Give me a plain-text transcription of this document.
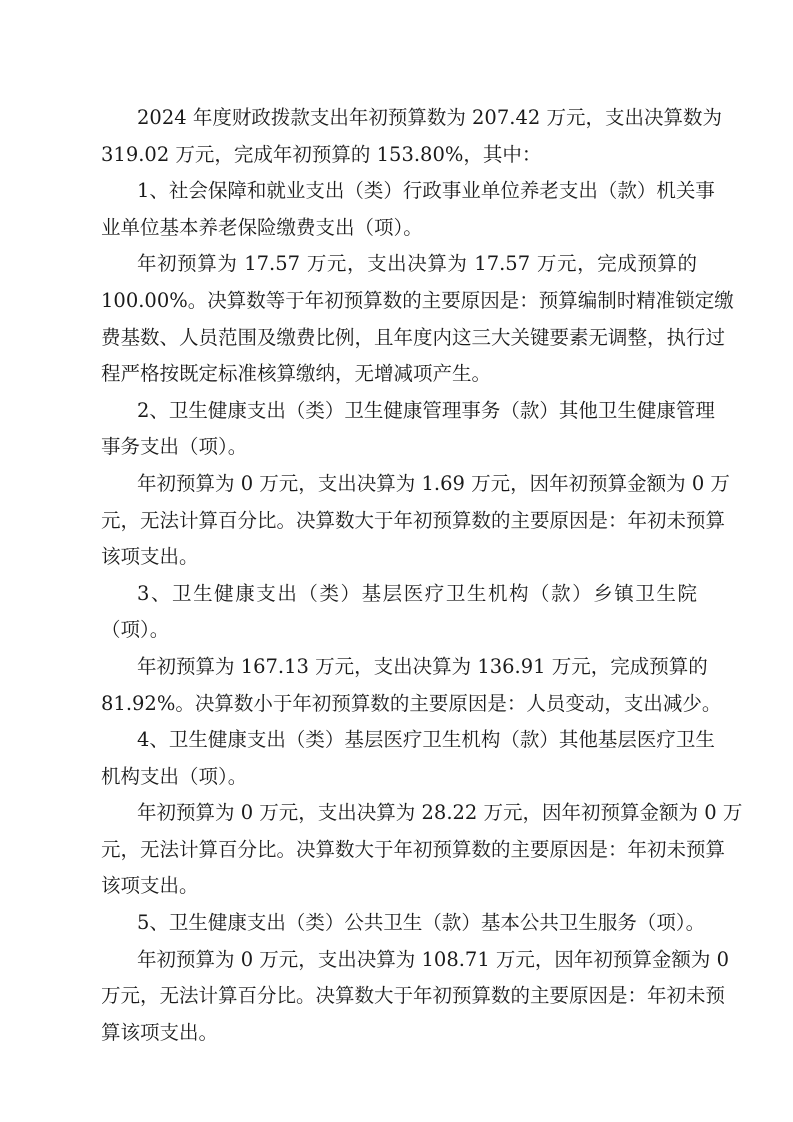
2024 年度财政拨款支出年初预算数为 207.42 万元，支出决算数为
319.02 万元，完成年初预算的 153.80%，其中：
1、社会保障和就业支出（类）行政事业单位养老支出（款）机关事
业单位基本养老保险缴费支出（项）。
年初预算为 17.57 万元，支出决算为 17.57 万元，完成预算的
100.00%。决算数等于年初预算数的主要原因是：预算编制时精准锁定缴
费基数、人员范围及缴费比例，且年度内这三大关键要素无调整，执行过
程严格按既定标准核算缴纳，无增减项产生。
2、卫生健康支出（类）卫生健康管理事务（款）其他卫生健康管理
事务支出（项）。
年初预算为 0 万元，支出决算为 1.69 万元，因年初预算金额为 0 万
元，无法计算百分比。决算数大于年初预算数的主要原因是：年初未预算
该项支出。
3、卫生健康支出（类）基层医疗卫生机构（款）乡镇卫生院
（项）。
年初预算为 167.13 万元，支出决算为 136.91 万元，完成预算的
81.92%。决算数小于年初预算数的主要原因是：人员变动，支出减少。
4、卫生健康支出（类）基层医疗卫生机构（款）其他基层医疗卫生
机构支出（项）。
年初预算为 0 万元，支出决算为 28.22 万元，因年初预算金额为 0 万
元，无法计算百分比。决算数大于年初预算数的主要原因是：年初未预算
该项支出。
5、卫生健康支出（类）公共卫生（款）基本公共卫生服务（项）。
年初预算为 0 万元，支出决算为 108.71 万元，因年初预算金额为 0
万元，无法计算百分比。决算数大于年初预算数的主要原因是：年初未预
算该项支出。
